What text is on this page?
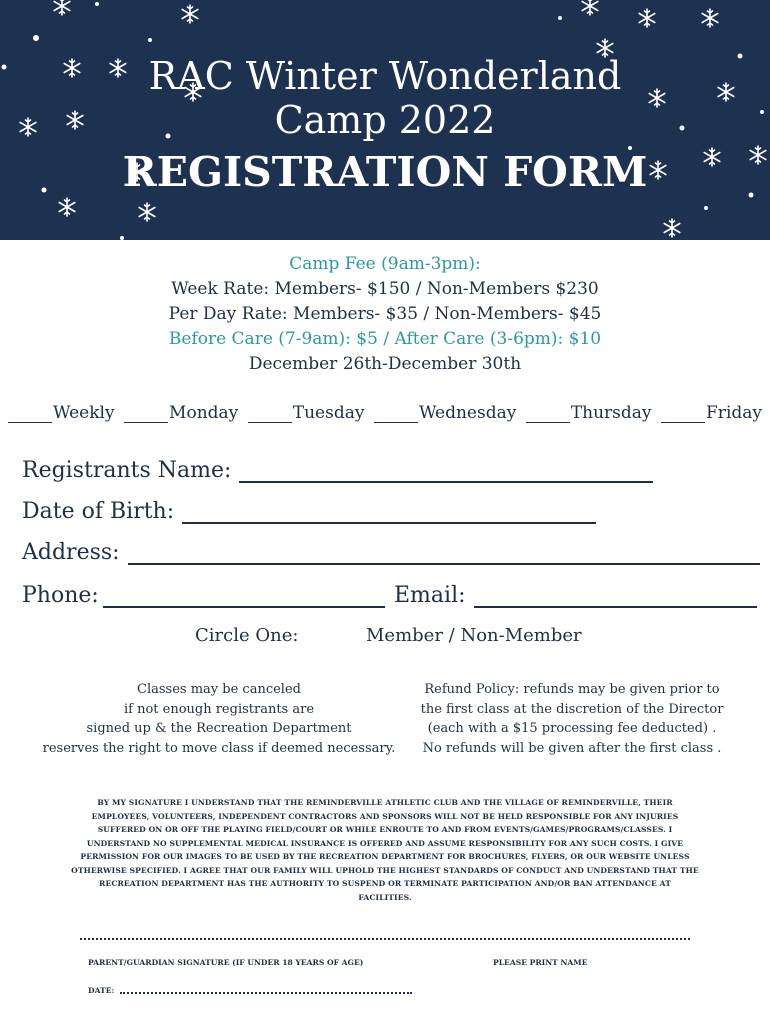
RAC Winter Wonderland
Camp 2022
REGISTRATION FORM
Camp Fee (9am-3pm):
Week Rate: Members- $150 / Non-Members $230
Per Day Rate: Members- $35 / Non-Members- $45
Before Care (7-9am): $5 / After Care (3-6pm): $10
December 26th-December 30th
Weekly	Monday	Tuesday	Wednesday	Thursday	Friday
Registrants Name:
Date of Birth:
Address:
Phone:	Email:
Circle One:	Member / Non-Member
Classes may be canceled
if not enough registrants are
signed up & the Recreation Department
reserves the right to move class if deemed necessary.
Refund Policy: refunds may be given prior to
the first class at the discretion of the Director
(each with a $15 processing fee deducted) .
No refunds will be given after the first class .
BY MY SIGNATURE I UNDERSTAND THAT THE REMINDERVILLE ATHLETIC CLUB AND THE VILLAGE OF REMINDERVILLE, THEIR
EMPLOYEES, VOLUNTEERS, INDEPENDENT CONTRACTORS AND SPONSORS WILL NOT BE HELD RESPONSIBLE FOR ANY INJURIES
SUFFERED ON OR OFF THE PLAYING FIELD/COURT OR WHILE ENROUTE TO AND FROM EVENTS/GAMES/PROGRAMS/CLASSES. I
UNDERSTAND NO SUPPLEMENTAL MEDICAL INSURANCE IS OFFERED AND ASSUME RESPONSIBILITY FOR ANY SUCH COSTS. I GIVE
PERMISSION FOR OUR IMAGES TO BE USED BY THE RECREATION DEPARTMENT FOR BROCHURES, FLYERS, OR OUR WEBSITE UNLESS
OTHERWISE SPECIFIED. I AGREE THAT OUR FAMILY WILL UPHOLD THE HIGHEST STANDARDS OF CONDUCT AND UNDERSTAND THAT THE
RECREATION DEPARTMENT HAS THE AUTHORITY TO SUSPEND OR TERMINATE PARTICIPATION AND/OR BAN ATTENDANCE AT
FACILITIES.
PARENT/GUARDIAN SIGNATURE (IF UNDER 18 YEARS OF AGE)	PLEASE PRINT NAME
DATE:
